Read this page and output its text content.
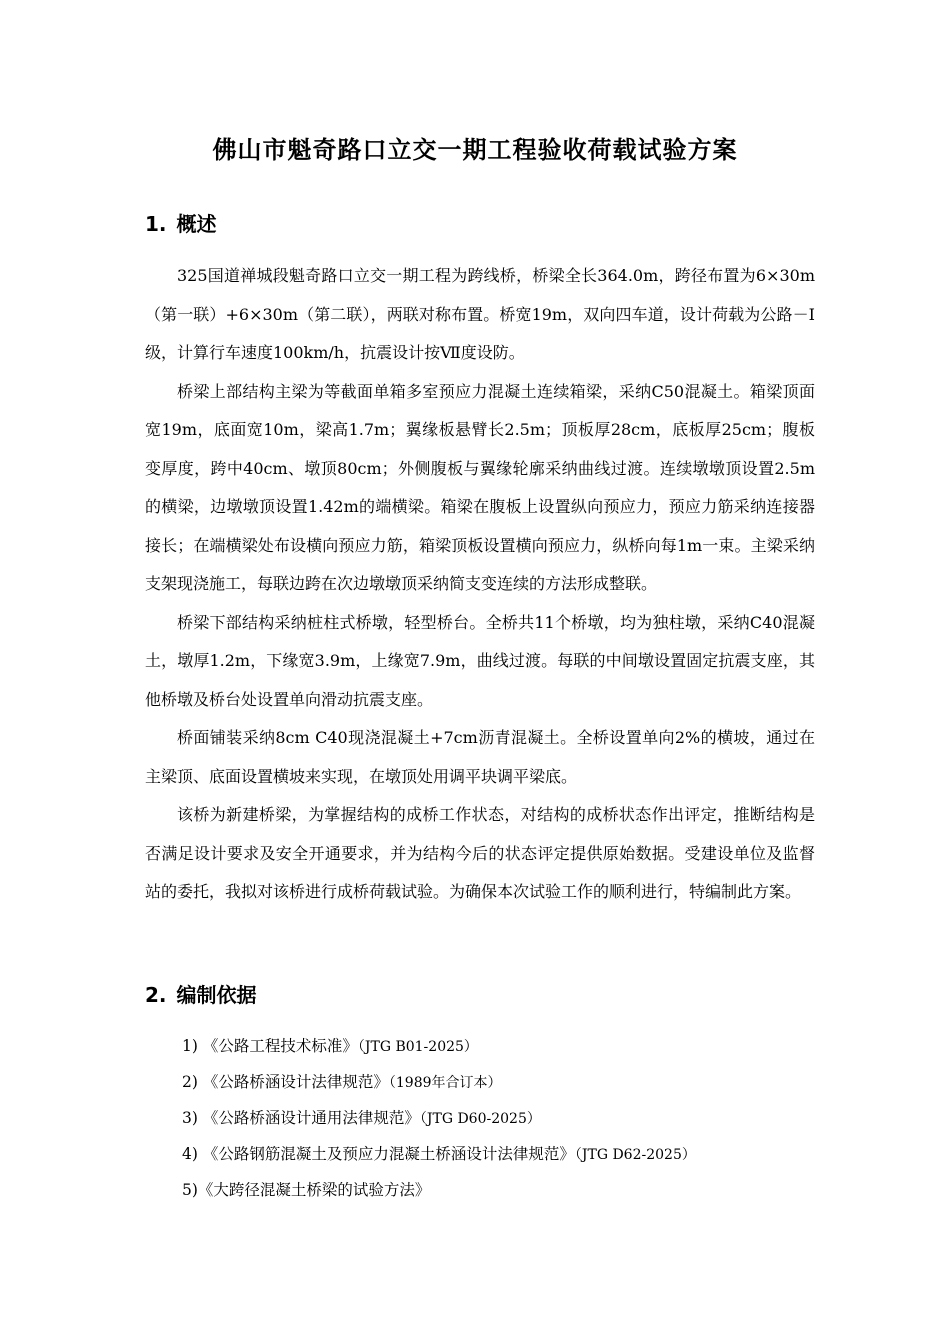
佛山市魁奇路口立交一期工程验收荷载试验方案
1. 概述

325国道禅城段魁奇路口立交一期工程为跨线桥，桥梁全长364.0m，跨径布置为6×30m（第一联）+6×30m（第二联），两联对称布置。桥宽19m，双向四车道，设计荷载为公路－Ⅰ级，计算行车速度100km/h，抗震设计按Ⅶ度设防。

桥梁上部结构主梁为等截面单箱多室预应力混凝土连续箱梁，采纳C50混凝土。箱梁顶面宽19m，底面宽10m，梁高1.7m；翼缘板悬臂长2.5m；顶板厚28cm，底板厚25cm；腹板变厚度，跨中40cm、墩顶80cm；外侧腹板与翼缘轮廓采纳曲线过渡。连续墩墩顶设置2.5m的横梁，边墩墩顶设置1.42m的端横梁。箱梁在腹板上设置纵向预应力，预应力筋采纳连接器接长；在端横梁处布设横向预应力筋，箱梁顶板设置横向预应力，纵桥向每1m一束。主梁采纳支架现浇施工，每联边跨在次边墩墩顶采纳简支变连续的方法形成整联。

桥梁下部结构采纳桩柱式桥墩，轻型桥台。全桥共11个桥墩，均为独柱墩，采纳C40混凝土，墩厚1.2m，下缘宽3.9m，上缘宽7.9m，曲线过渡。每联的中间墩设置固定抗震支座，其他桥墩及桥台处设置单向滑动抗震支座。

桥面铺装采纳8cm C40现浇混凝土+7cm沥青混凝土。全桥设置单向2%的横坡，通过在主梁顶、底面设置横坡来实现，在墩顶处用调平块调平梁底。

该桥为新建桥梁，为掌握结构的成桥工作状态，对结构的成桥状态作出评定，推断结构是否满足设计要求及安全开通要求，并为结构今后的状态评定提供原始数据。受建设单位及监督站的委托，我拟对该桥进行成桥荷载试验。为确保本次试验工作的顺利进行，特编制此方案。

2. 编制依据
1) 《公路工程技术标准》（JTG B01-2025）
2) 《公路桥涵设计法律规范》（1989年合订本）
3) 《公路桥涵设计通用法律规范》（JTG D60-2025）
4) 《公路钢筋混凝土及预应力混凝土桥涵设计法律规范》（JTG D62-2025）
5)《大跨径混凝土桥梁的试验方法》
